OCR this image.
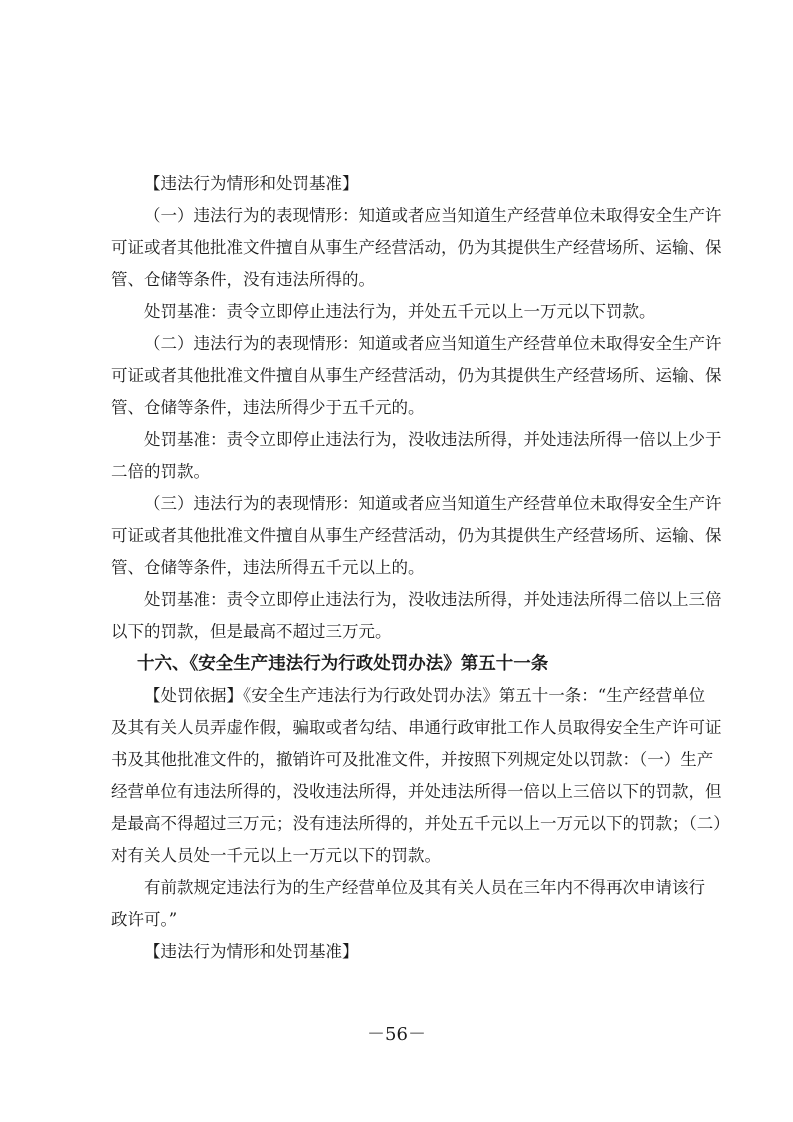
【违法行为情形和处罚基准】
（一）违法行为的表现情形：知道或者应当知道生产经营单位未取得安全生产许
可证或者其他批准文件擅自从事生产经营活动，仍为其提供生产经营场所、运输、保
管、仓储等条件，没有违法所得的。
处罚基准：责令立即停止违法行为，并处五千元以上一万元以下罚款。
（二）违法行为的表现情形：知道或者应当知道生产经营单位未取得安全生产许
可证或者其他批准文件擅自从事生产经营活动，仍为其提供生产经营场所、运输、保
管、仓储等条件，违法所得少于五千元的。
处罚基准：责令立即停止违法行为，没收违法所得，并处违法所得一倍以上少于
二倍的罚款。
（三）违法行为的表现情形：知道或者应当知道生产经营单位未取得安全生产许
可证或者其他批准文件擅自从事生产经营活动，仍为其提供生产经营场所、运输、保
管、仓储等条件，违法所得五千元以上的。
处罚基准：责令立即停止违法行为，没收违法所得，并处违法所得二倍以上三倍
以下的罚款，但是最高不超过三万元。
十六、《安全生产违法行为行政处罚办法》第五十一条
【处罚依据】《安全生产违法行为行政处罚办法》第五十一条：“生产经营单位
及其有关人员弄虚作假，骗取或者勾结、串通行政审批工作人员取得安全生产许可证
书及其他批准文件的，撤销许可及批准文件，并按照下列规定处以罚款：（一）生产
经营单位有违法所得的，没收违法所得，并处违法所得一倍以上三倍以下的罚款，但
是最高不得超过三万元；没有违法所得的，并处五千元以上一万元以下的罚款；（二）
对有关人员处一千元以上一万元以下的罚款。
有前款规定违法行为的生产经营单位及其有关人员在三年内不得再次申请该行
政许可。”
【违法行为情形和处罚基准】
－56－
